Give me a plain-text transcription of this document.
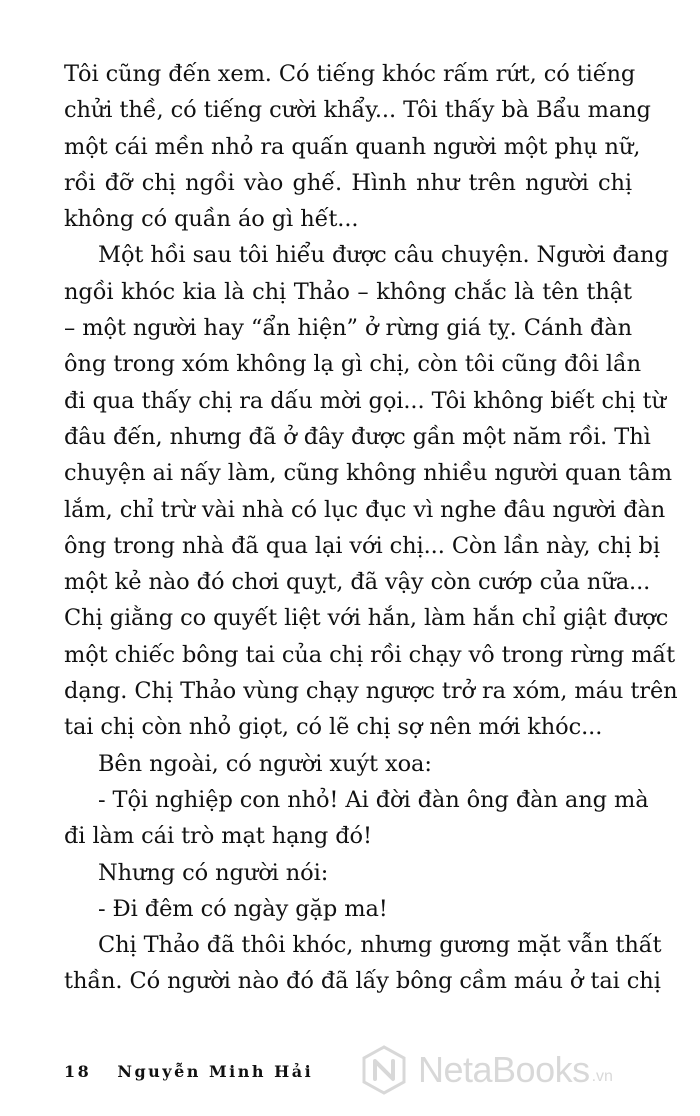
Tôi cũng đến xem. Có tiếng khóc rấm rứt, có tiếng
chửi thề, có tiếng cười khẩy... Tôi thấy bà Bẩu mang
một cái mền nhỏ ra quấn quanh người một phụ nữ,
rồi đỡ chị ngồi vào ghế. Hình như trên người chị
không có quần áo gì hết...
Một hồi sau tôi hiểu được câu chuyện. Người đang
ngồi khóc kia là chị Thảo – không chắc là tên thật
– một người hay “ẩn hiện” ở rừng giá tỵ. Cánh đàn
ông trong xóm không lạ gì chị, còn tôi cũng đôi lần
đi qua thấy chị ra dấu mời gọi... Tôi không biết chị từ
đâu đến, nhưng đã ở đây được gần một năm rồi. Thì
chuyện ai nấy làm, cũng không nhiều người quan tâm
lắm, chỉ trừ vài nhà có lục đục vì nghe đâu người đàn
ông trong nhà đã qua lại với chị... Còn lần này, chị bị
một kẻ nào đó chơi quỵt, đã vậy còn cướp của nữa...
Chị giằng co quyết liệt với hắn, làm hắn chỉ giật được
một chiếc bông tai của chị rồi chạy vô trong rừng mất
dạng. Chị Thảo vùng chạy ngược trở ra xóm, máu trên
tai chị còn nhỏ giọt, có lẽ chị sợ nên mới khóc...
Bên ngoài, có người xuýt xoa:
- Tội nghiệp con nhỏ! Ai đời đàn ông đàn ang mà
đi làm cái trò mạt hạng đó!
Nhưng có người nói:
- Đi đêm có ngày gặp ma!
Chị Thảo đã thôi khóc, nhưng gương mặt vẫn thất
thần. Có người nào đó đã lấy bông cầm máu ở tai chị
18 Nguyễn Minh Hải	NetaBooks .vn
